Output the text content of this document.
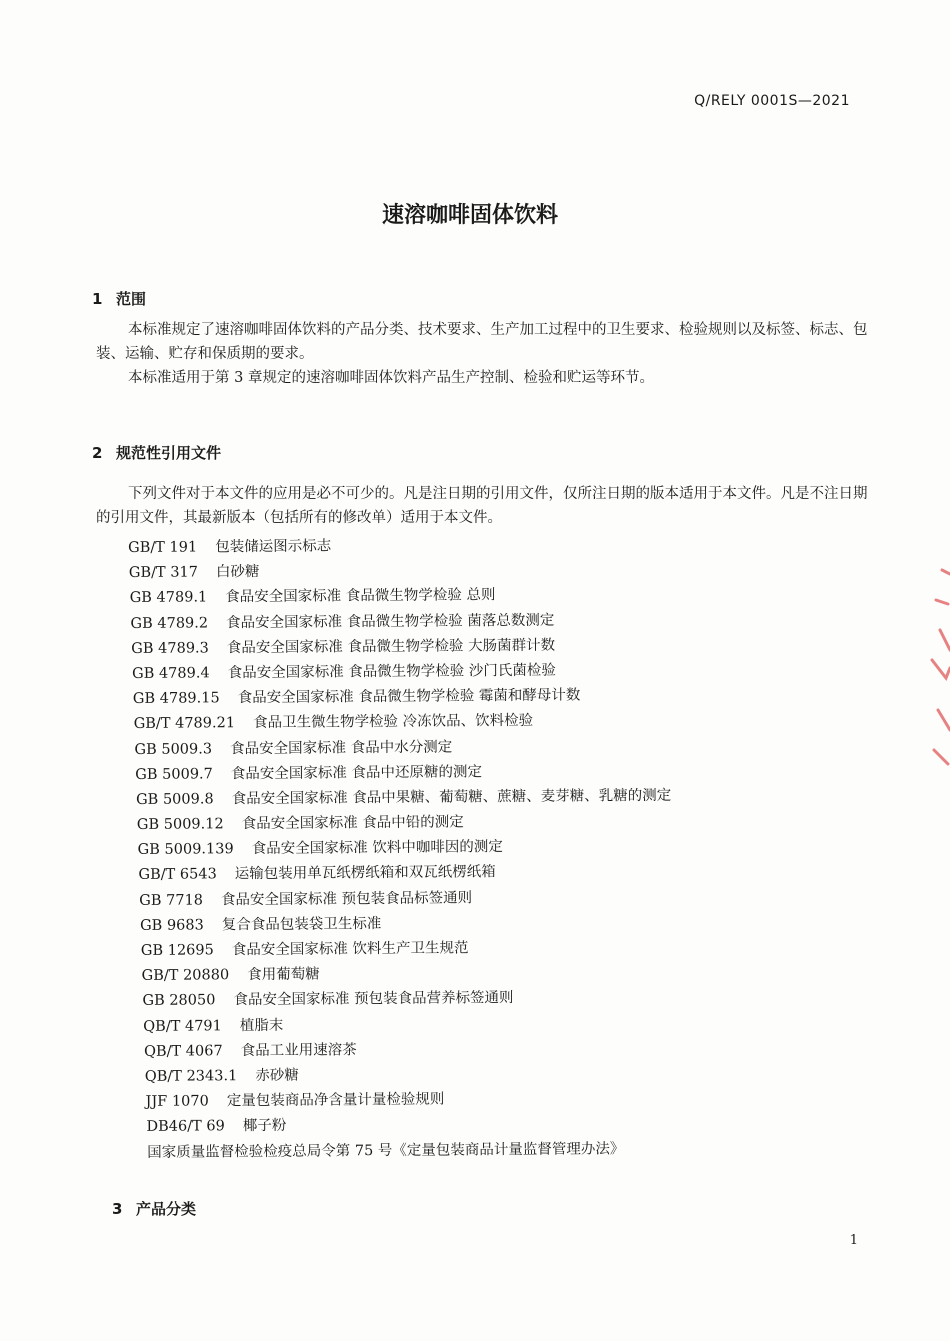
Q/RELY 0001S—2021
速溶咖啡固体饮料
1 范围

本标准规定了速溶咖啡固体饮料的产品分类、技术要求、生产加工过程中的卫生要求、检验规则以及标签、标志、包装、运输、贮存和保质期的要求。

本标准适用于第 3 章规定的速溶咖啡固体饮料产品生产控制、检验和贮运等环节。

2 规范性引用文件

下列文件对于本文件的应用是必不可少的。凡是注日期的引用文件，仅所注日期的版本适用于本文件。凡是不注日期的引用文件，其最新版本（包括所有的修改单）适用于本文件。

GB/T 191 包装储运图示标志
GB/T 317 白砂糖
GB 4789.1 食品安全国家标准 食品微生物学检验 总则
GB 4789.2 食品安全国家标准 食品微生物学检验 菌落总数测定
GB 4789.3 食品安全国家标准 食品微生物学检验 大肠菌群计数
GB 4789.4 食品安全国家标准 食品微生物学检验 沙门氏菌检验
GB 4789.15 食品安全国家标准 食品微生物学检验 霉菌和酵母计数
GB/T 4789.21 食品卫生微生物学检验 冷冻饮品、饮料检验
GB 5009.3 食品安全国家标准 食品中水分测定
GB 5009.7 食品安全国家标准 食品中还原糖的测定
GB 5009.8 食品安全国家标准 食品中果糖、葡萄糖、蔗糖、麦芽糖、乳糖的测定
GB 5009.12 食品安全国家标准 食品中铅的测定
GB 5009.139 食品安全国家标准 饮料中咖啡因的测定
GB/T 6543 运输包装用单瓦纸楞纸箱和双瓦纸楞纸箱
GB 7718 食品安全国家标准 预包装食品标签通则
GB 9683 复合食品包装袋卫生标准
GB 12695 食品安全国家标准 饮料生产卫生规范
GB/T 20880 食用葡萄糖
GB 28050 食品安全国家标准 预包装食品营养标签通则
QB/T 4791 植脂末
QB/T 4067 食品工业用速溶茶
QB/T 2343.1 赤砂糖
JJF 1070 定量包装商品净含量计量检验规则
DB46/T 69 椰子粉
国家质量监督检验检疫总局令第 75 号《定量包装商品计量监督管理办法》
3 产品分类
1
